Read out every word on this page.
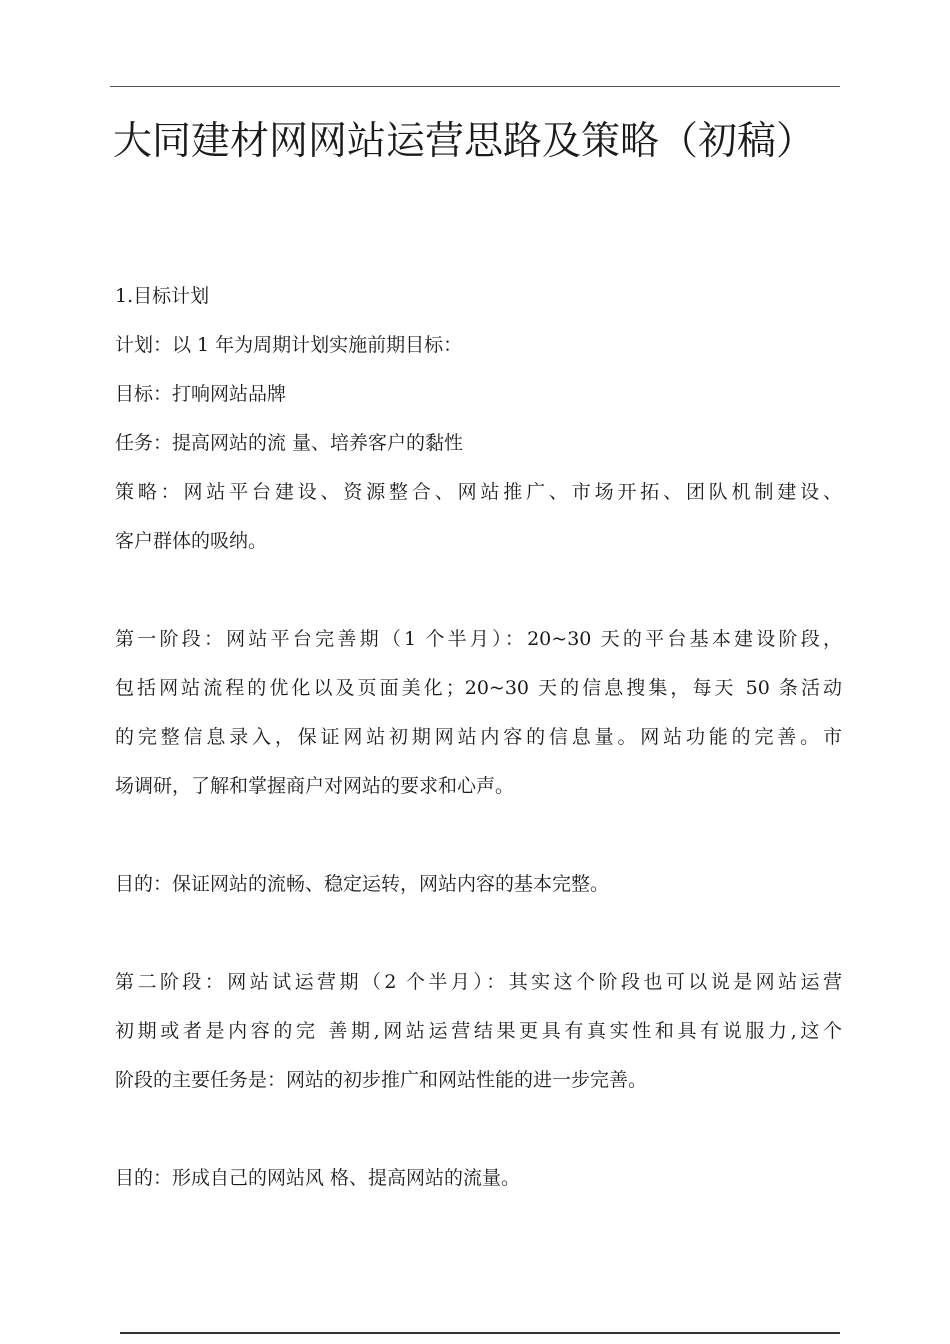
大同建材网网站运营思路及策略（初稿）
1.目标计划
计划：以 1 年为周期计划实施前期目标：
目标：打响网站品牌
任务：提高网站的流 量、培养客户的黏性
策略：网站平台建设、资源整合、网站推广、市场开拓、团队机制建设、
客户群体的吸纳。
第一阶段：网站平台完善期（1 个半月）：20~30 天的平台基本建设阶段，
包括网站流程的优化以及页面美化；20~30 天的信息搜集，每天 50 条活动
的完整信息录入，保证网站初期网站内容的信息量。网站功能的完善。市
场调研，了解和掌握商户对网站的要求和心声。
目的：保证网站的流畅、稳定运转，网站内容的基本完整。
第二阶段：网站试运营期（2 个半月）：其实这个阶段也可以说是网站运营
初期或者是内容的完 善期,网站运营结果更具有真实性和具有说服力,这个
阶段的主要任务是：网站的初步推广和网站性能的进一步完善。
目的：形成自己的网站风 格、提高网站的流量。
